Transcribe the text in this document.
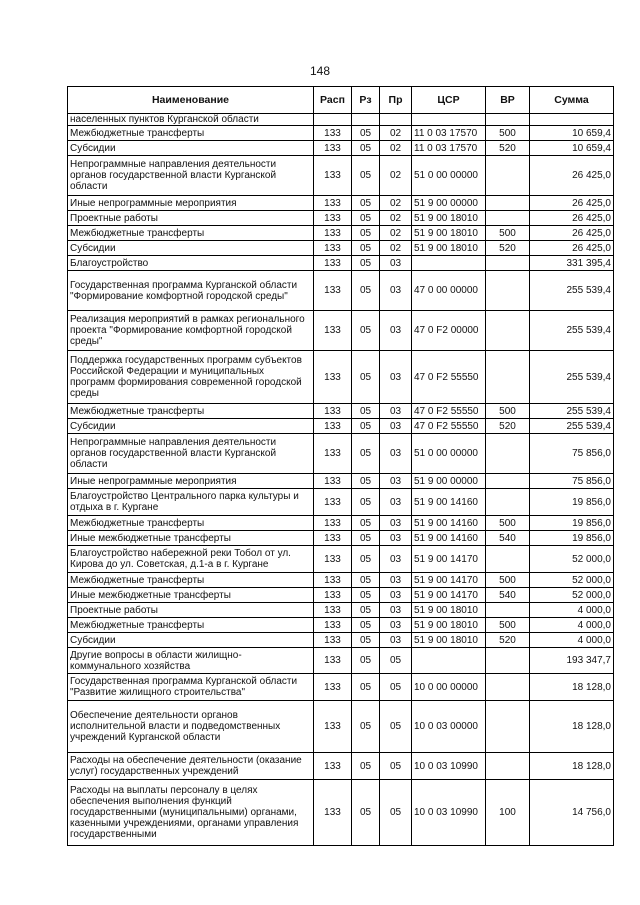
148
Наименование	Расп	Рз	Пр	ЦСР	ВР	Сумма
населенных пунктов Курганской области						
Межбюджетные трансферты	133	05	02	11 0 03 17570	500	10 659,4
Субсидии	133	05	02	11 0 03 17570	520	10 659,4
Непрограммные направления деятельности органов государственной власти Курганской области	133	05	02	51 0 00 00000		26 425,0
Иные непрограммные мероприятия	133	05	02	51 9 00 00000		26 425,0
Проектные работы	133	05	02	51 9 00 18010		26 425,0
Межбюджетные трансферты	133	05	02	51 9 00 18010	500	26 425,0
Субсидии	133	05	02	51 9 00 18010	520	26 425,0
Благоустройство	133	05	03			331 395,4
Государственная программа Курганской области "Формирование комфортной городской среды"	133	05	03	47 0 00 00000		255 539,4
Реализация мероприятий в рамках регионального проекта "Формирование комфортной городской среды"	133	05	03	47 0 F2 00000		255 539,4
Поддержка государственных программ субъектов Российской Федерации и муниципальных программ формирования современной городской среды	133	05	03	47 0 F2 55550		255 539,4
Межбюджетные трансферты	133	05	03	47 0 F2 55550	500	255 539,4
Субсидии	133	05	03	47 0 F2 55550	520	255 539,4
Непрограммные направления деятельности органов государственной власти Курганской области	133	05	03	51 0 00 00000		75 856,0
Иные непрограммные мероприятия	133	05	03	51 9 00 00000		75 856,0
Благоустройство Центрального парка культуры и отдыха в г. Кургане	133	05	03	51 9 00 14160		19 856,0
Межбюджетные трансферты	133	05	03	51 9 00 14160	500	19 856,0
Иные межбюджетные трансферты	133	05	03	51 9 00 14160	540	19 856,0
Благоустройство набережной реки Тобол от ул. Кирова до ул. Советская, д.1-а в г. Кургане	133	05	03	51 9 00 14170		52 000,0
Межбюджетные трансферты	133	05	03	51 9 00 14170	500	52 000,0
Иные межбюджетные трансферты	133	05	03	51 9 00 14170	540	52 000,0
Проектные работы	133	05	03	51 9 00 18010		4 000,0
Межбюджетные трансферты	133	05	03	51 9 00 18010	500	4 000,0
Субсидии	133	05	03	51 9 00 18010	520	4 000,0
Другие вопросы в области жилищно-коммунального хозяйства	133	05	05			193 347,7
Государственная программа Курганской области "Развитие жилищного строительства"	133	05	05	10 0 00 00000		18 128,0
Обеспечение деятельности органов исполнительной власти и подведомственных учреждений Курганской области	133	05	05	10 0 03 00000		18 128,0
Расходы на обеспечение деятельности (оказание услуг) государственных учреждений	133	05	05	10 0 03 10990		18 128,0
Расходы на выплаты персоналу в целях обеспечения выполнения функций государственными (муниципальными) органами, казенными учреждениями, органами управления государственными	133	05	05	10 0 03 10990	100	14 756,0
